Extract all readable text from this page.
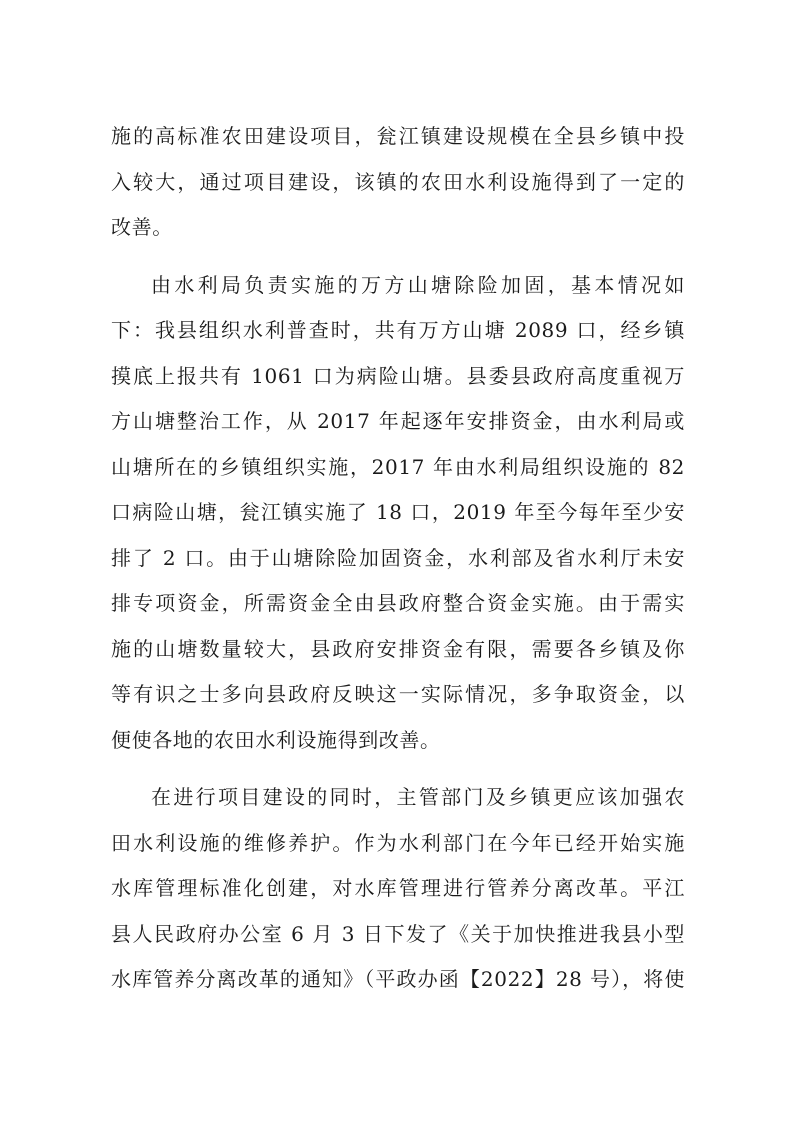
施的高标准农田建设项目，瓮江镇建设规模在全县乡镇中投
入较大，通过项目建设，该镇的农田水利设施得到了一定的
改善。
由水利局负责实施的万方山塘除险加固，基本情况如
下：我县组织水利普查时，共有万方山塘 2089 口，经乡镇
摸底上报共有 1061 口为病险山塘。县委县政府高度重视万
方山塘整治工作，从 2017 年起逐年安排资金，由水利局或
山塘所在的乡镇组织实施，2017 年由水利局组织设施的 82
口病险山塘，瓮江镇实施了 18 口，2019 年至今每年至少安
排了 2 口。由于山塘除险加固资金，水利部及省水利厅未安
排专项资金，所需资金全由县政府整合资金实施。由于需实
施的山塘数量较大，县政府安排资金有限，需要各乡镇及你
等有识之士多向县政府反映这一实际情况，多争取资金，以
便使各地的农田水利设施得到改善。
在进行项目建设的同时，主管部门及乡镇更应该加强农
田水利设施的维修养护。作为水利部门在今年已经开始实施
水库管理标准化创建，对水库管理进行管养分离改革。平江
县人民政府办公室 6 月 3 日下发了《关于加快推进我县小型
水库管养分离改革的通知》（平政办函【2022】28 号），将使
